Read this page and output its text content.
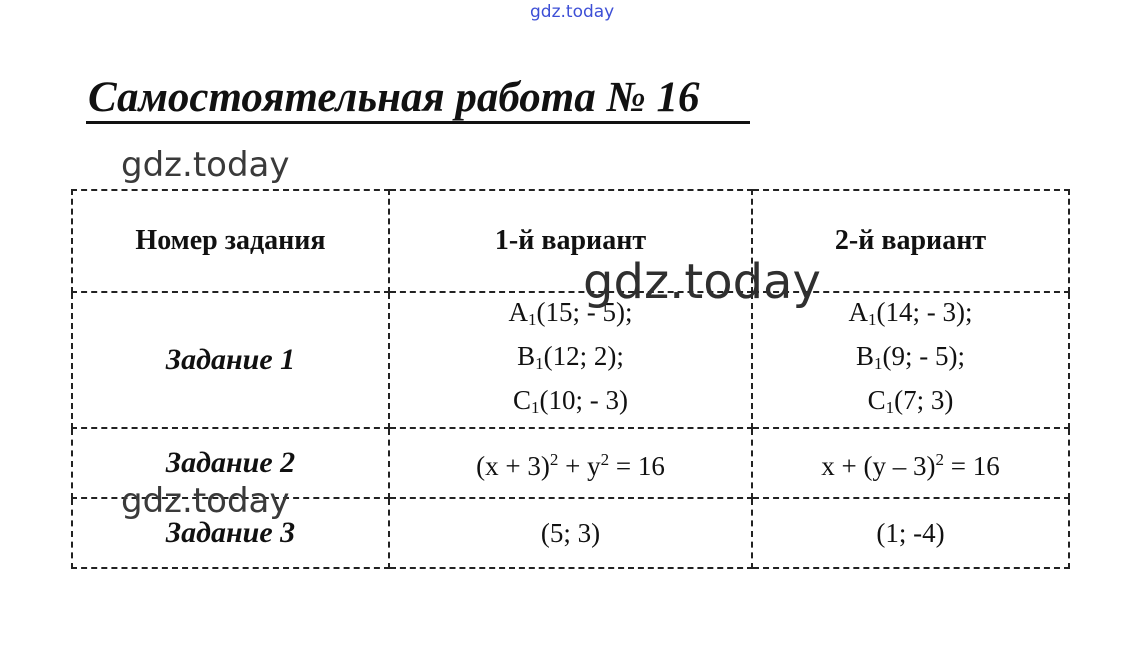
gdz.today
Самостоятельная работа № 16
gdz.today
Номер задания	1-й вариант	2-й вариант
Задание 1	$A_1(15$; - 5);
$B_1(12$; 2);
$C_1(10$; - 3)	$A_1(14$; - 3);
$B_1(9$; - 5);
$C_1(7$; 3)

Задание 2	$(x + 3)^2 + y^2 = 16$	x + (y – 3)$^2$ = 16
Задание 3	(5; 3)	(1; -4)
gdz.today
gdz.today
